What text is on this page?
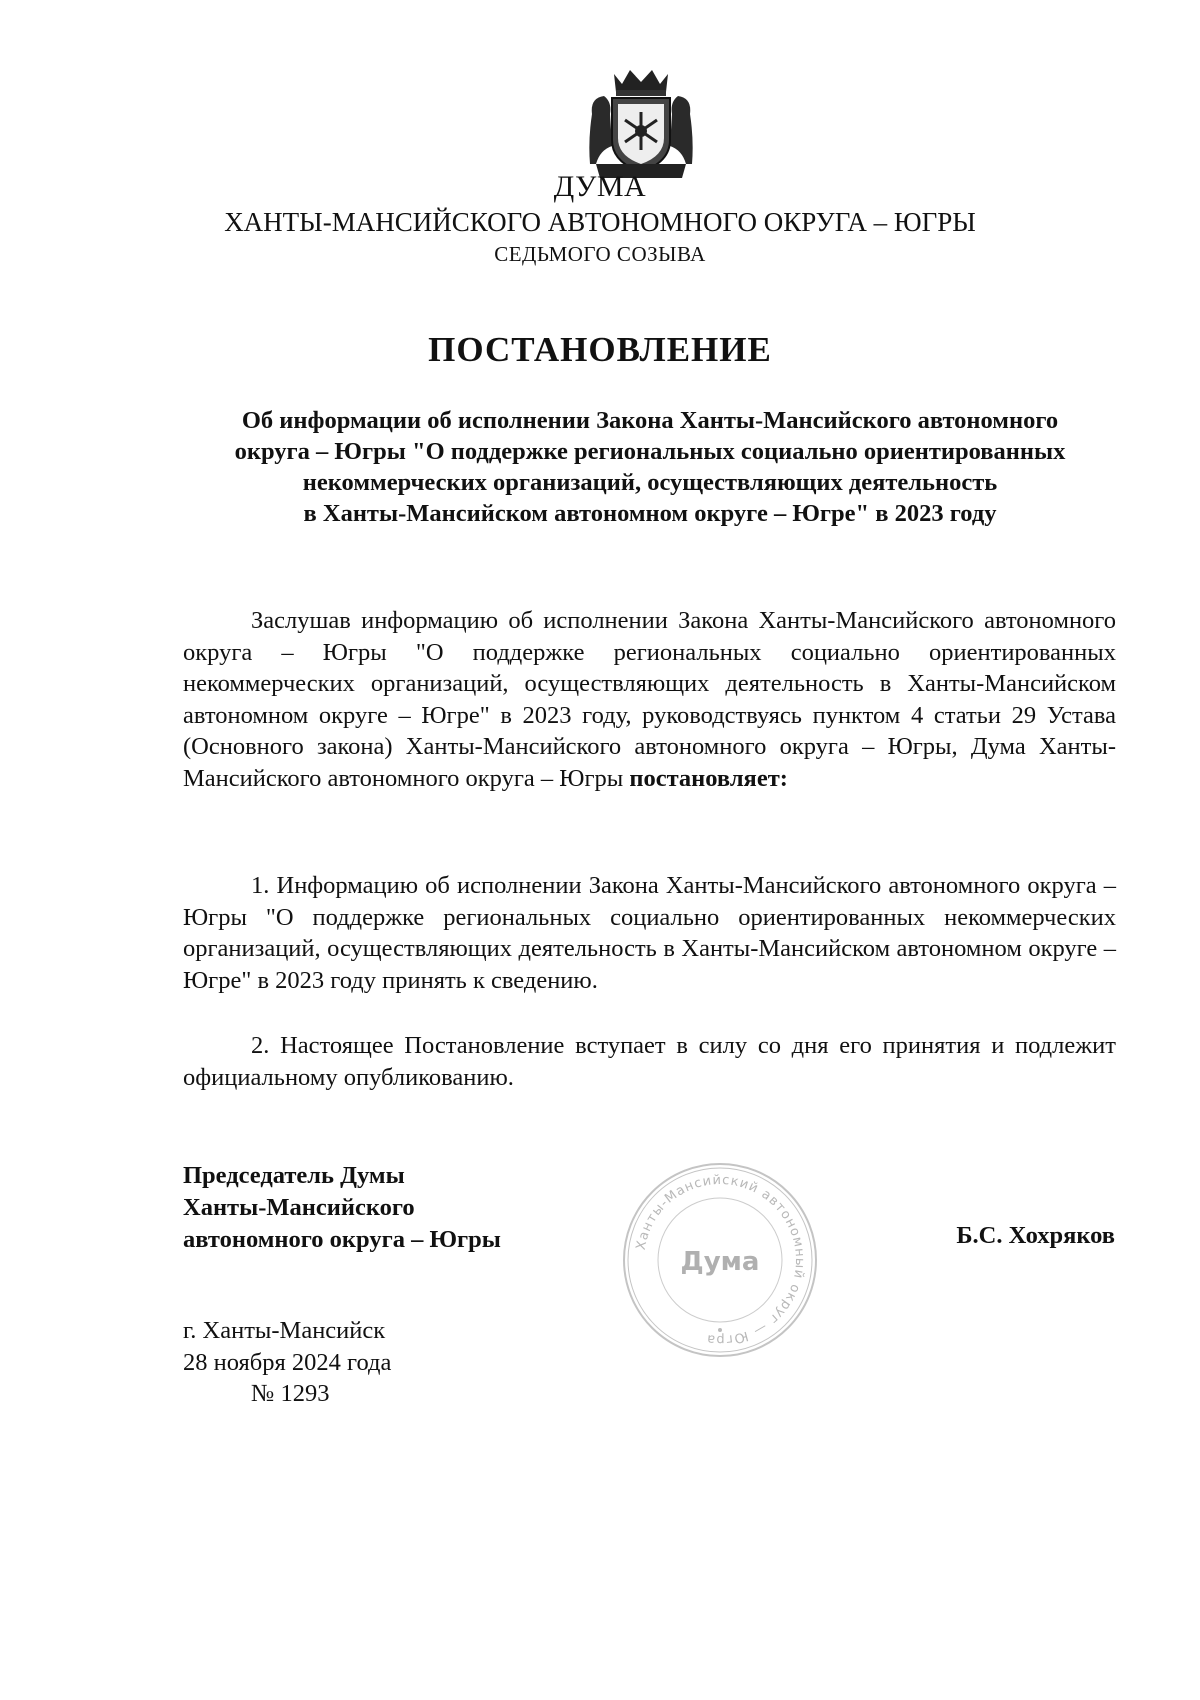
ДУМА
ХАНТЫ-МАНСИЙСКОГО АВТОНОМНОГО ОКРУГА – ЮГРЫ
СЕДЬМОГО СОЗЫВА
ПОСТАНОВЛЕНИЕ
Об информации об исполнении Закона Ханты-Мансийского автономного
округа – Югры "О поддержке региональных социально ориентированных
некоммерческих организаций, осуществляющих деятельность
в Ханты-Мансийском автономном округе – Югре" в 2023 году
Заслушав информацию об исполнении Закона Ханты-Мансийского автономного округа – Югры "О поддержке региональных социально ориентированных некоммерческих организаций, осуществляющих деятельность в Ханты-Мансийском автономном округе – Югре" в 2023 году, руководствуясь пунктом 4 статьи 29 Устава (Основного закона) Ханты-Мансийского автономного округа – Югры, Дума Ханты-Мансийского автономного округа – Югры постановляет:
1. Информацию об исполнении Закона Ханты-Мансийского автономного округа – Югры "О поддержке региональных социально ориентированных некоммерческих организаций, осуществляющих деятельность в Ханты-Мансийском автономном округе – Югре" в 2023 году принять к сведению.
2. Настоящее Постановление вступает в силу со дня его принятия и подлежит официальному опубликованию.
Председатель Думы
Ханты-Мансийского
автономного округа – Югры	Ханты-Мансийский автономный округ — Югра
Дума
Б.С. Хохряков
г. Ханты-Мансийск
28 ноября 2024 года
№ 1293
